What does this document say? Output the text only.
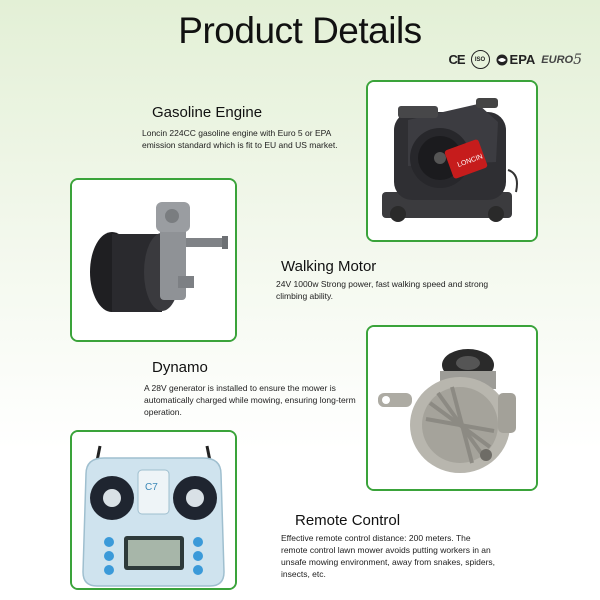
Product Details
CE	ISO	EPA EURO 5
Gasoline Engine
Loncin 224CC gasoline engine with Euro 5 or EPA emission standard which is fit to EU and US market.
LONCIN
Walking Motor
24V 1000w Strong power, fast walking speed and strong climbing ability.
Dynamo
A 28V generator is installed to ensure the mower is automatically charged while mowing, ensuring long-term operation.
C7
Remote Control
Effective remote control distance: 200 meters. The remote control lawn mower avoids putting workers in an unsafe mowing environment, away from snakes, spiders, insects, etc.
